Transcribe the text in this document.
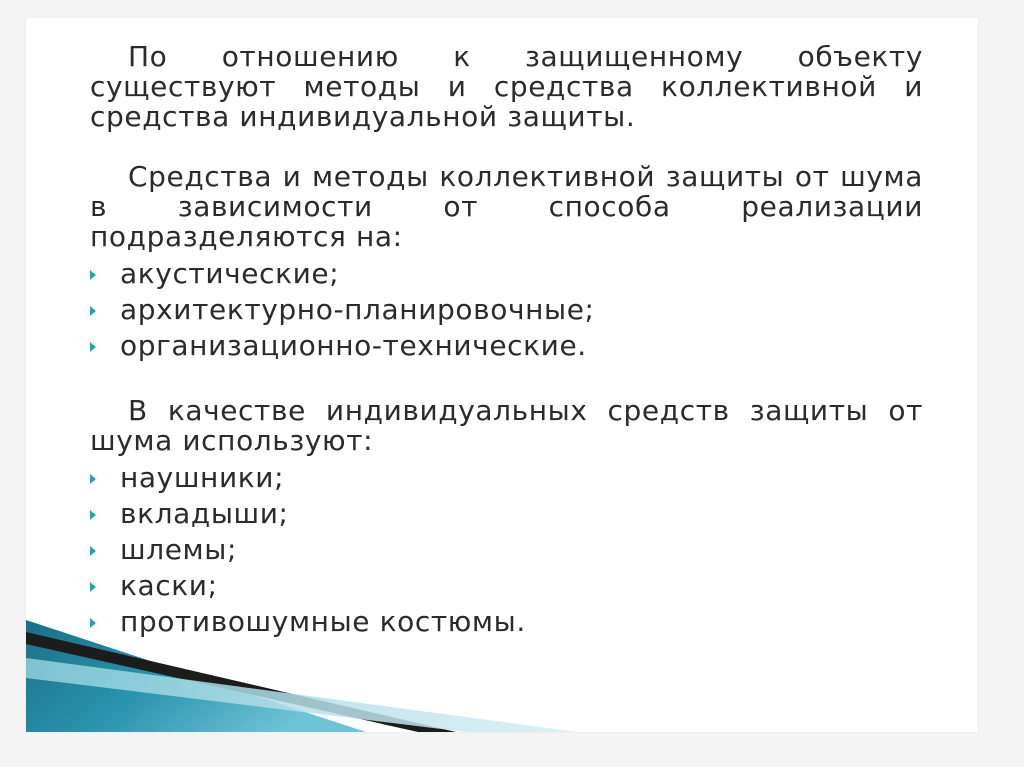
По отношению к защищенному объекту существуют методы и средства коллективной и средства индивидуальной защиты.

Средства и методы коллективной защиты от шума в зависимости от способа реализации подразделяются на:

акустические;
архитектурно-планировочные;
организационно-технические.

В качестве индивидуальных средств защиты от шума используют:

наушники;
вкладыши;
шлемы;
каски;
противошумные костюмы.
